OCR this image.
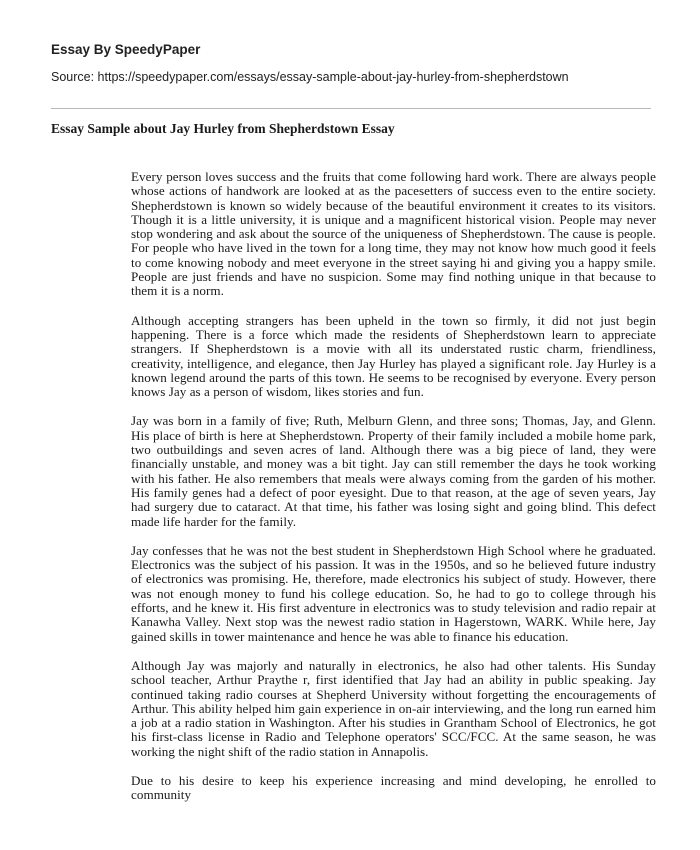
Essay By SpeedyPaper
Source: https://speedypaper.com/essays/essay-sample-about-jay-hurley-from-shepherdstown
Essay Sample about Jay Hurley from Shepherdstown Essay

Every person loves success and the fruits that come following hard work. There are always people whose actions of handwork are looked at as the pacesetters of success even to the entire society. Shepherdstown is known so widely because of the beautiful environment it creates to its visitors. Though it is a little university, it is unique and a magnificent historical vision. People may never stop wondering and ask about the source of the uniqueness of Shepherdstown. The cause is people. For people who have lived in the town for a long time, they may not know how much good it feels to come knowing nobody and meet everyone in the street saying hi and giving you a happy smile. People are just friends and have no suspicion. Some may find nothing unique in that because to them it is a norm.

Although accepting strangers has been upheld in the town so firmly, it did not just begin happening. There is a force which made the residents of Shepherdstown learn to appreciate strangers. If Shepherdstown is a movie with all its understated rustic charm, friendliness, creativity, intelligence, and elegance, then Jay Hurley has played a significant role. Jay Hurley is a known legend around the parts of this town. He seems to be recognised by everyone. Every person knows Jay as a person of wisdom, likes stories and fun.

Jay was born in a family of five; Ruth, Melburn Glenn, and three sons; Thomas, Jay, and Glenn. His place of birth is here at Shepherdstown. Property of their family included a mobile home park, two outbuildings and seven acres of land. Although there was a big piece of land, they were financially unstable, and money was a bit tight. Jay can still remember the days he took working with his father. He also remembers that meals were always coming from the garden of his mother. His family genes had a defect of poor eyesight. Due to that reason, at the age of seven years, Jay had surgery due to cataract. At that time, his father was losing sight and going blind. This defect made life harder for the family.

Jay confesses that he was not the best student in Shepherdstown High School where he graduated. Electronics was the subject of his passion. It was in the 1950s, and so he believed future industry of electronics was promising. He, therefore, made electronics his subject of study. However, there was not enough money to fund his college education. So, he had to go to college through his efforts, and he knew it. His first adventure in electronics was to study television and radio repair at Kanawha Valley. Next stop was the newest radio station in Hagerstown, WARK. While here, Jay gained skills in tower maintenance and hence he was able to finance his education.

Although Jay was majorly and naturally in electronics, he also had other talents. His Sunday school teacher, Arthur Praythe r, first identified that Jay had an ability in public speaking. Jay continued taking radio courses at Shepherd University without forgetting the encouragements of Arthur. This ability helped him gain experience in on-air interviewing, and the long run earned him a job at a radio station in Washington. After his studies in Grantham School of Electronics, he got his first-class license in Radio and Telephone operators' SCC/FCC. At the same season, he was working the night shift of the radio station in Annapolis.

Due to his desire to keep his experience increasing and mind developing, he enrolled to community
